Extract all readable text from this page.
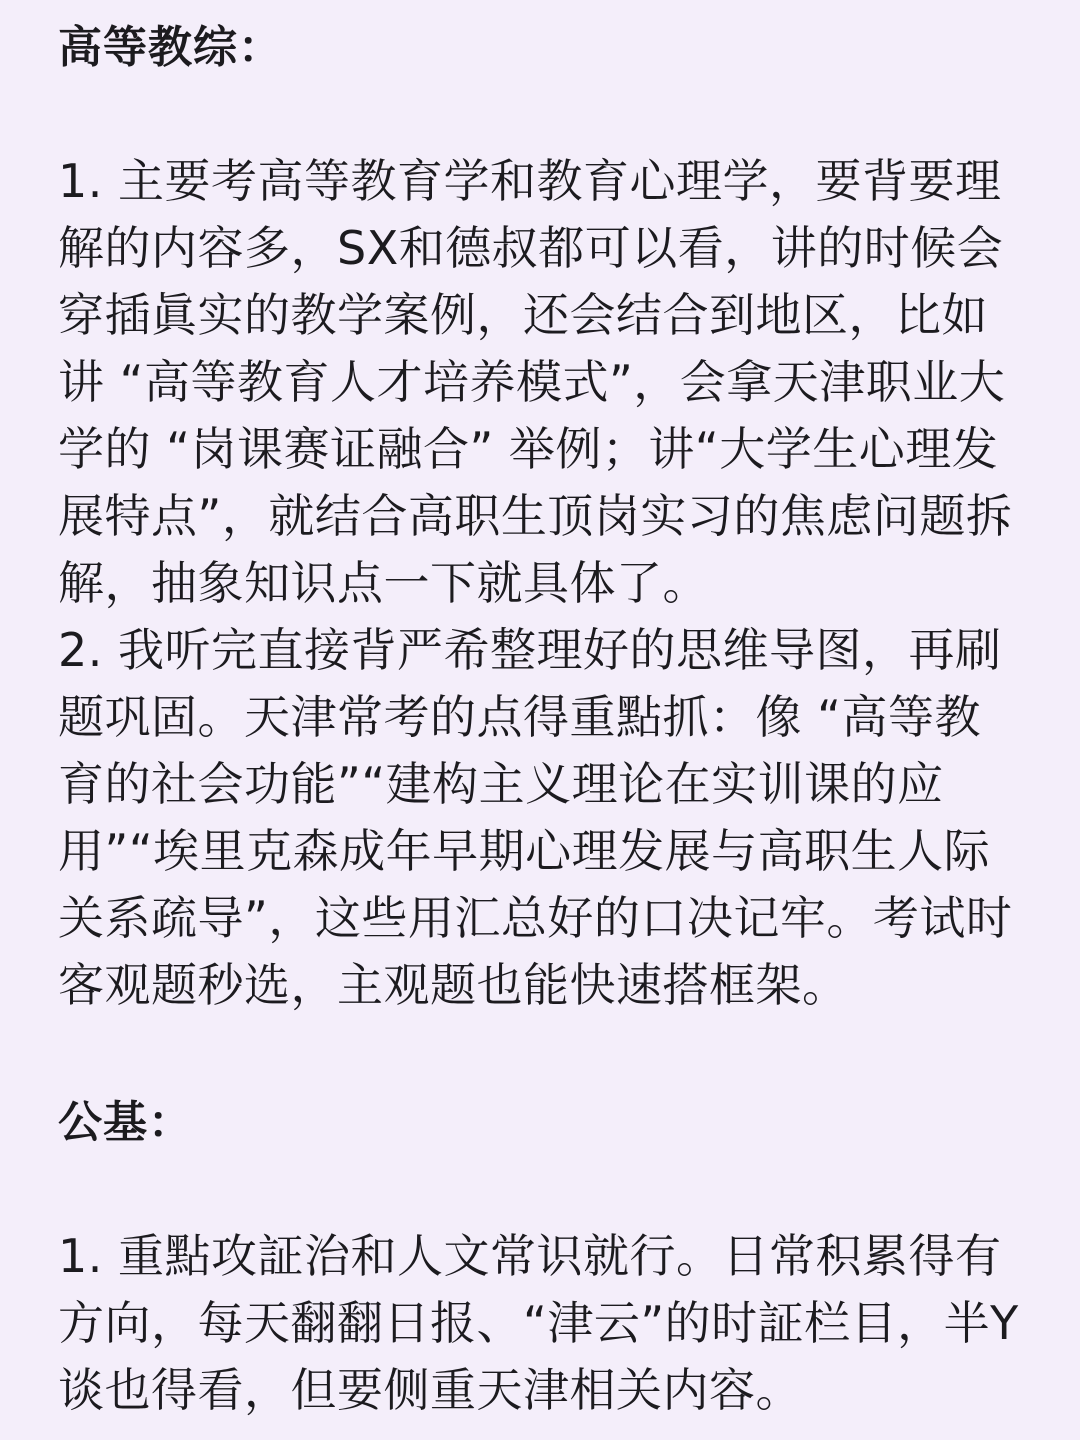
高等教综：

1. 主要考高等教育学和教育心理学，要背要理解的内容多，SX和德叔都可以看，讲的时候会穿插眞实的教学案例，还会结合到地区，比如讲 “高等教育人才培养模式”，会拿天津职业大学的 “岗课赛证融合” 举例；讲“大学生心理发展特点”，就结合高职生顶岗实习的焦虑问题拆解，抽象知识点一下就具体了。

2. 我听完直接背严希整理好的思维导图，再刷题巩固。天津常考的点得重點抓：像 “高等教育的社会功能”“建构主义理论在实训课的应用”“埃里克森成年早期心理发展与高职生人际关系疏导”，这些用汇总好的口决记牢。考试时客观题秒选，主观题也能快速搭框架。

公基：

1. 重點攻証治和人文常识就行。日常积累得有方向，每天翻翻日报、“津云”的时証栏目，半Y谈也得看，但要侧重天津相关内容。
